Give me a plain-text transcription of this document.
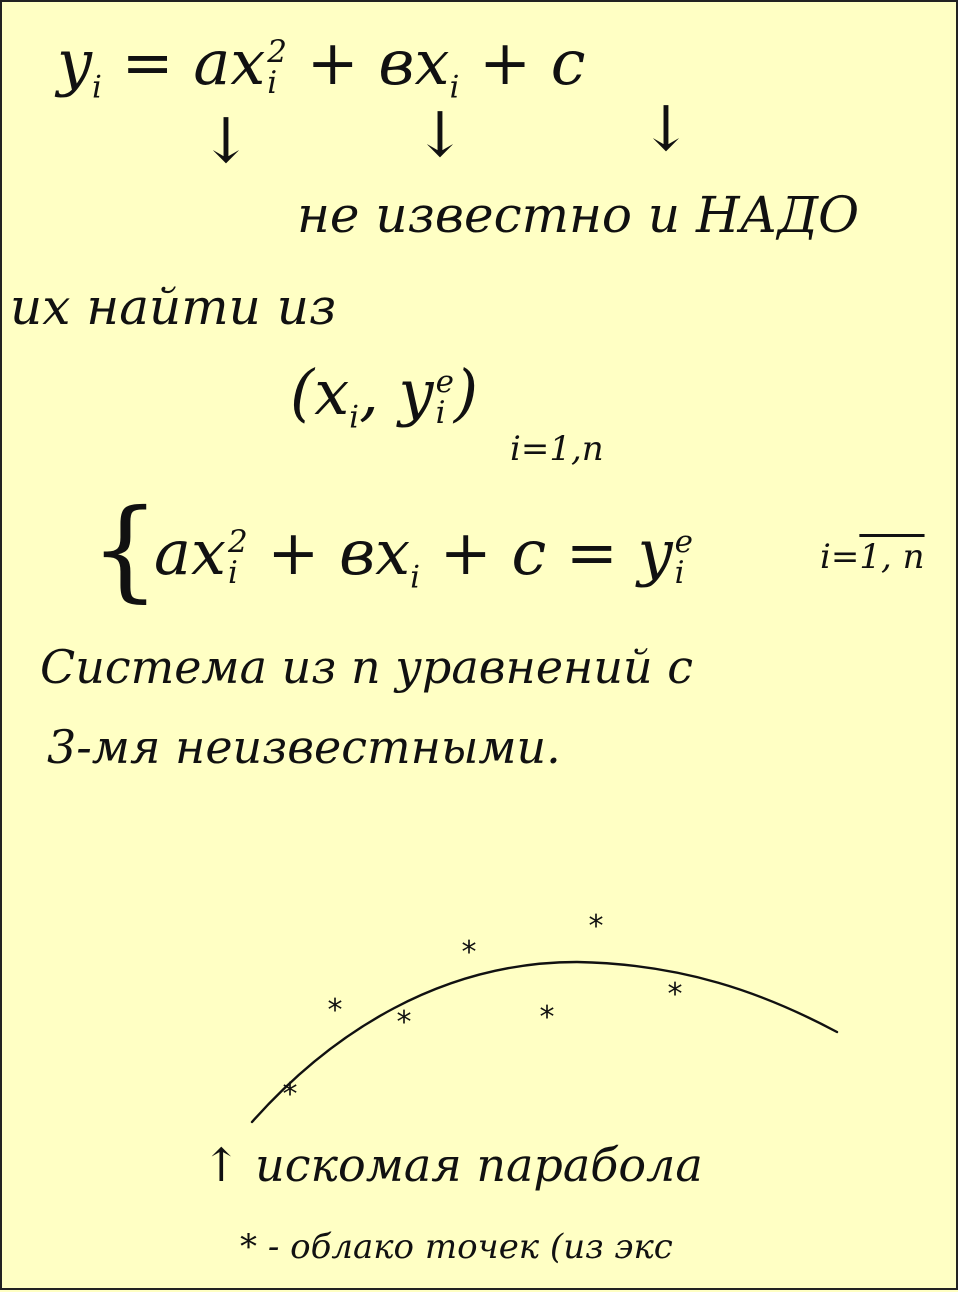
$y_i$ = ax 2
$i + вx_i + c$
↓	↓	↓
не известно и НАДО
их найти из
($x_i$, y e
i )
i=1,n
{
ax 2
$i + вx_i + c = y$ e
i	i=1, n
Система из n уравнений с
3-мя неизвестными.
*
* *
*
*
*
*
↑ искомая парабола
* - облако точек (из экс
